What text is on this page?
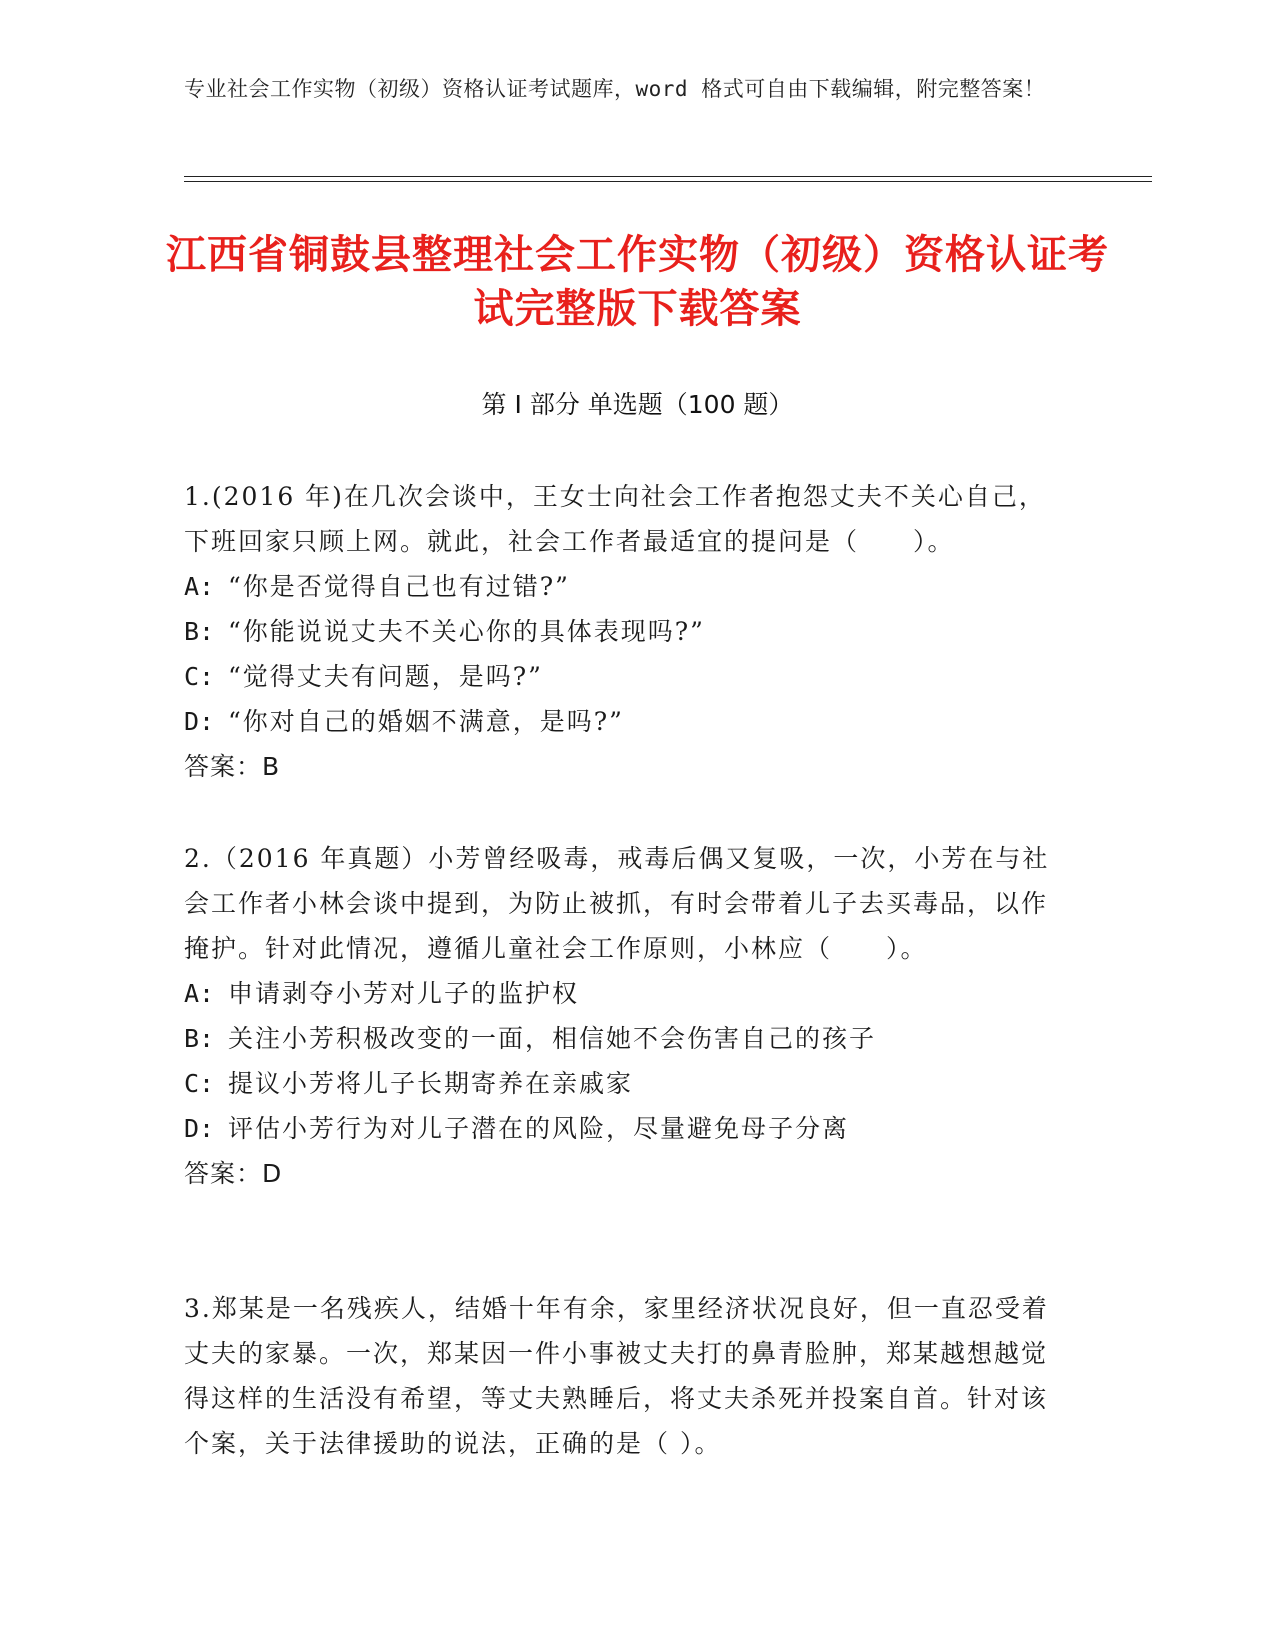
专业社会工作实物（初级）资格认证考试题库，word 格式可自由下载编辑，附完整答案！
江西省铜鼓县整理社会工作实物（初级）资格认证考试完整版下载答案
第 I 部分 单选题（100 题）
1.(2016 年)在几次会谈中，王女士向社会工作者抱怨丈夫不关心自己，下班回家只顾上网。就此，社会工作者最适宜的提问是（　　）。
A: “你是否觉得自己也有过错?”
B: “你能说说丈夫不关心你的具体表现吗?”
C: “觉得丈夫有问题，是吗?”
D: “你对自己的婚姻不满意，是吗?”
答案：B
2.（2016 年真题）小芳曾经吸毒，戒毒后偶又复吸，一次，小芳在与社会工作者小林会谈中提到，为防止被抓，有时会带着儿子去买毒品，以作掩护。针对此情况，遵循儿童社会工作原则，小林应（　　）。
A: 申请剥夺小芳对儿子的监护权
B: 关注小芳积极改变的一面，相信她不会伤害自己的孩子
C: 提议小芳将儿子长期寄养在亲戚家
D: 评估小芳行为对儿子潜在的风险，尽量避免母子分离
答案：D
3.郑某是一名残疾人，结婚十年有余，家里经济状况良好，但一直忍受着丈夫的家暴。一次，郑某因一件小事被丈夫打的鼻青脸肿，郑某越想越觉得这样的生活没有希望，等丈夫熟睡后，将丈夫杀死并投案自首。针对该个案，关于法律援助的说法，正确的是（ ）。
